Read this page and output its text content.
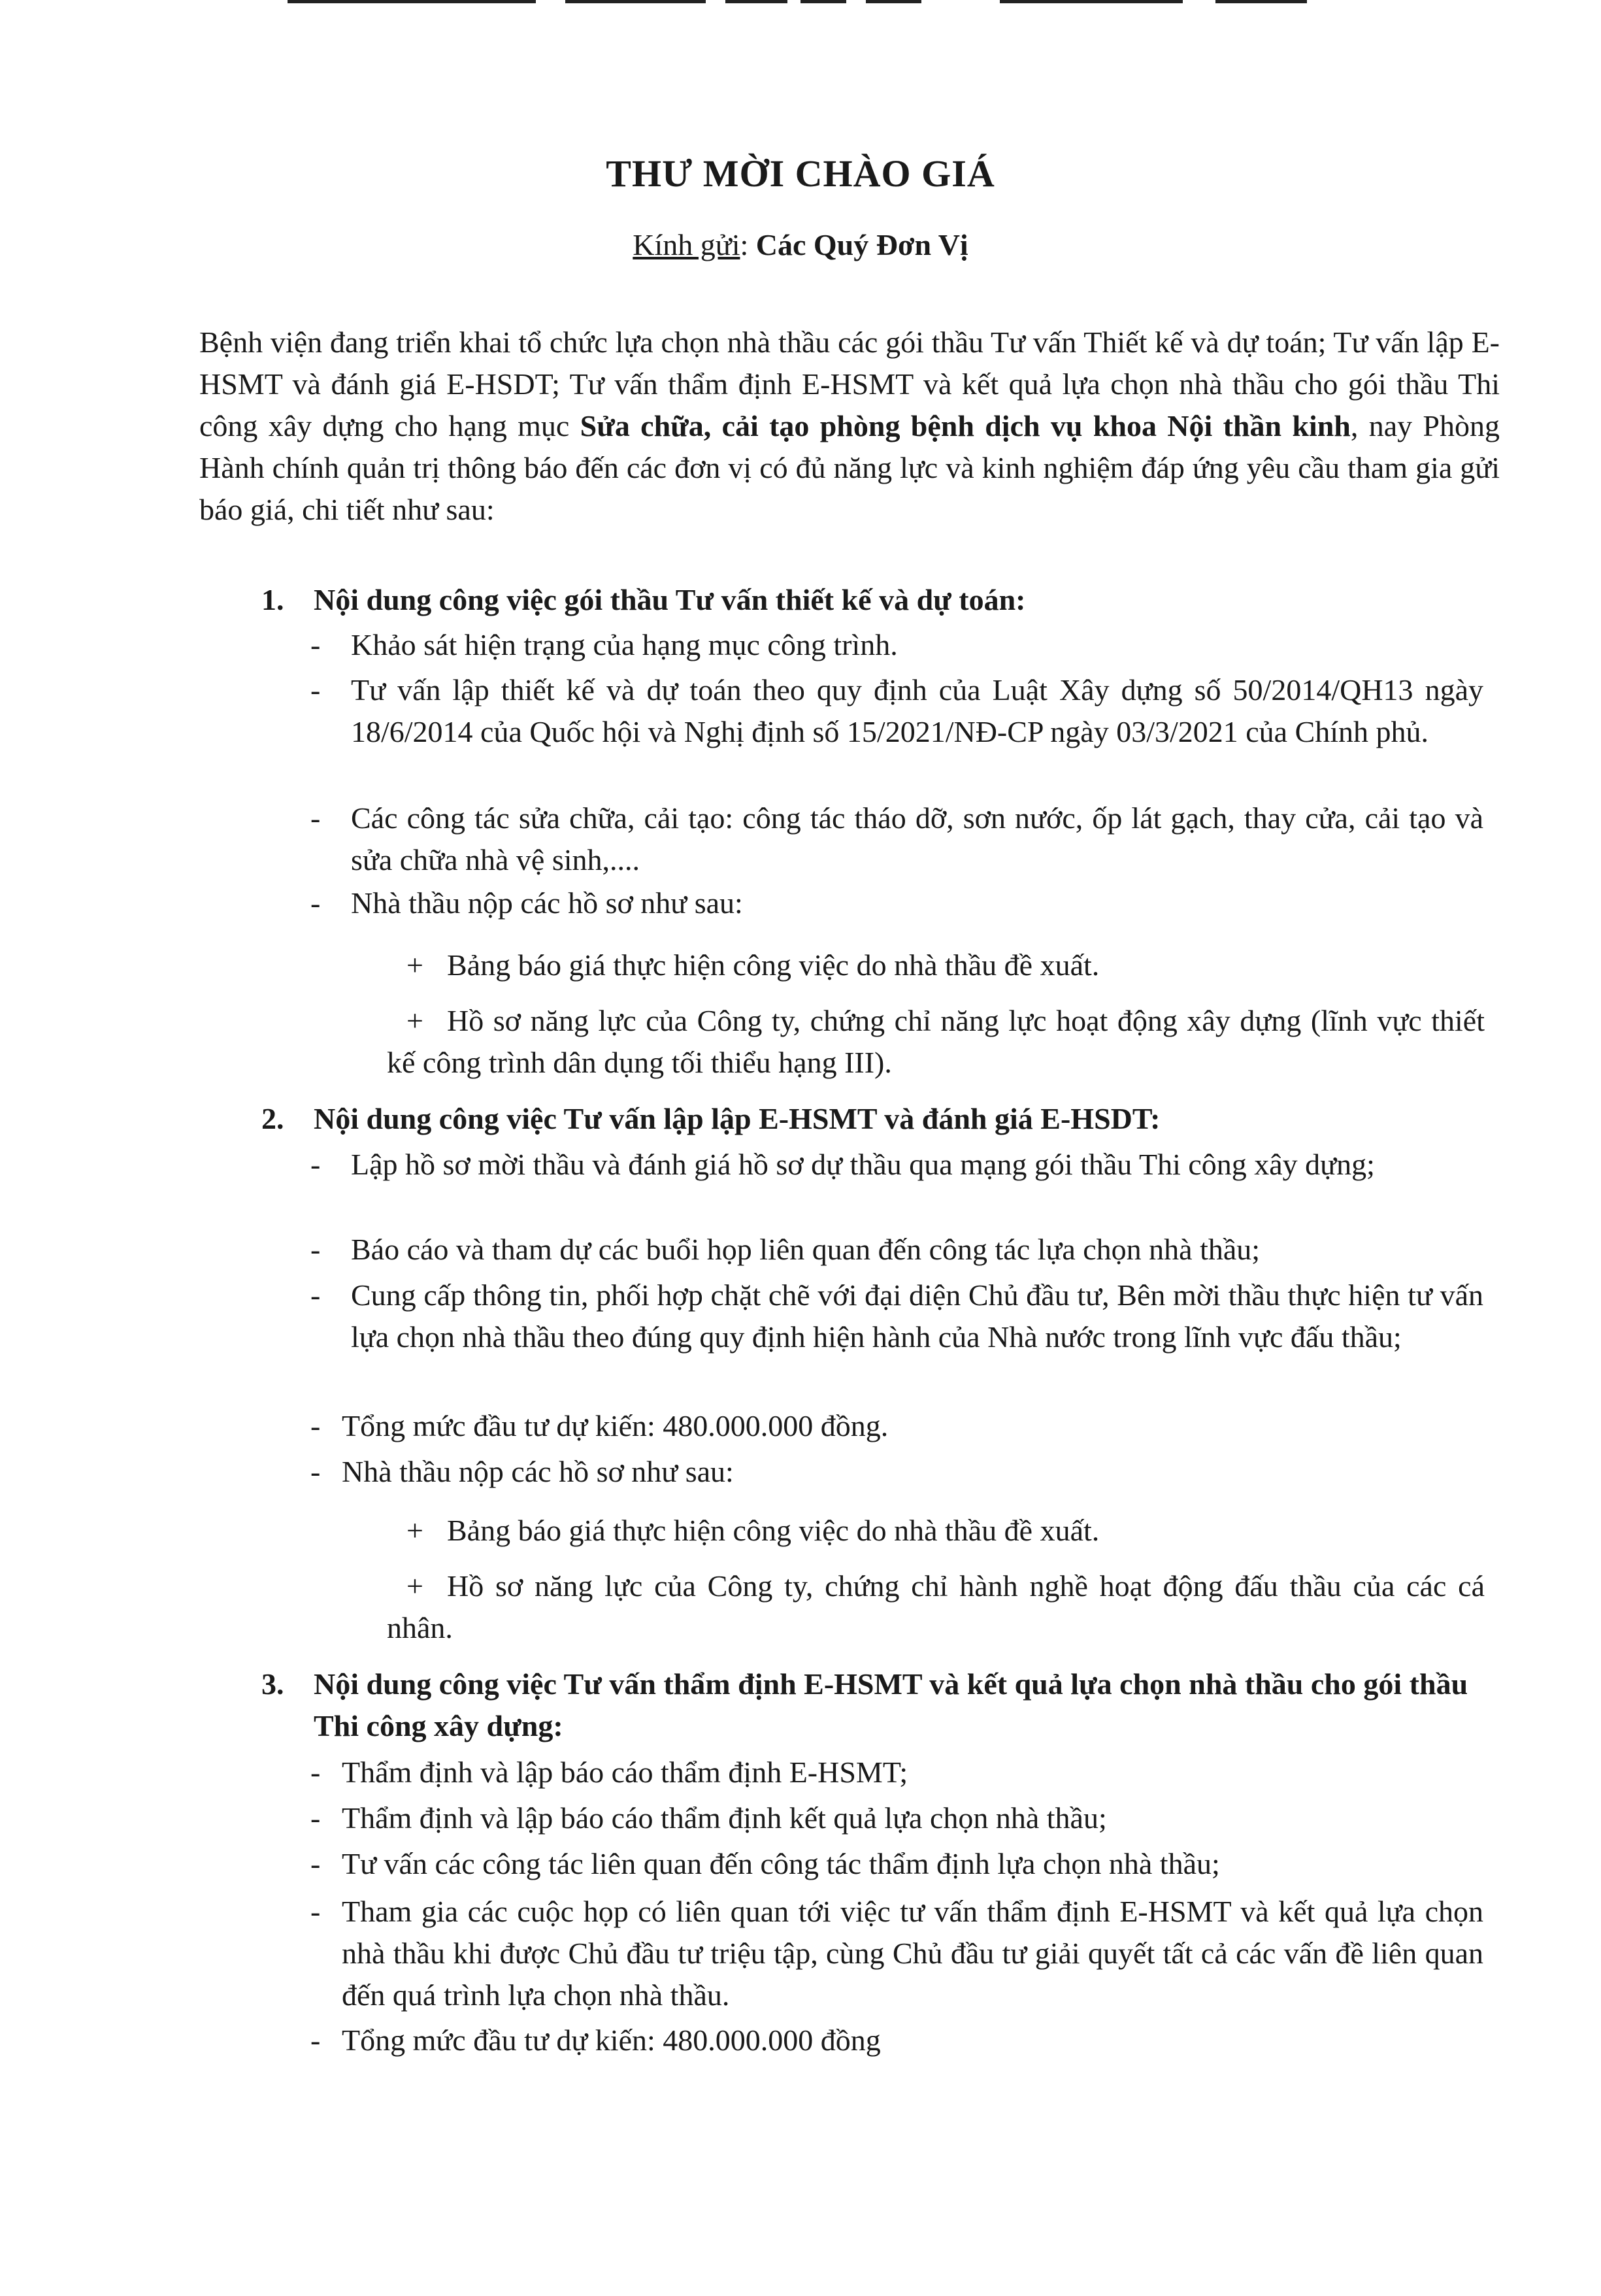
THƯ MỜI CHÀO GIÁ
Kính gửi: Các Quý Đơn Vị
Bệnh viện đang triển khai tổ chức lựa chọn nhà thầu các gói thầu Tư vấn Thiết kế và dự toán; Tư vấn lập E-HSMT và đánh giá E-HSDT; Tư vấn thẩm định E-HSMT và kết quả lựa chọn nhà thầu cho gói thầu Thi công xây dựng cho hạng mục Sửa chữa, cải tạo phòng bệnh dịch vụ khoa Nội thần kinh, nay Phòng Hành chính quản trị thông báo đến các đơn vị có đủ năng lực và kinh nghiệm đáp ứng yêu cầu tham gia gửi báo giá, chi tiết như sau:
1. Nội dung công việc gói thầu Tư vấn thiết kế và dự toán:
- Khảo sát hiện trạng của hạng mục công trình.
- Tư vấn lập thiết kế và dự toán theo quy định của Luật Xây dựng số 50/2014/QH13 ngày 18/6/2014 của Quốc hội và Nghị định số 15/2021/NĐ-CP ngày 03/3/2021 của Chính phủ.
- Các công tác sửa chữa, cải tạo: công tác tháo dỡ, sơn nước, ốp lát gạch, thay cửa, cải tạo và sửa chữa nhà vệ sinh,....
- Nhà thầu nộp các hồ sơ như sau:
+ Bảng báo giá thực hiện công việc do nhà thầu đề xuất.
+ Hồ sơ năng lực của Công ty, chứng chỉ năng lực hoạt động xây dựng (lĩnh vực thiết kế công trình dân dụng tối thiểu hạng III).
2. Nội dung công việc Tư vấn lập lập E-HSMT và đánh giá E-HSDT:
- Lập hồ sơ mời thầu và đánh giá hồ sơ dự thầu qua mạng gói thầu Thi công xây dựng;
- Báo cáo và tham dự các buổi họp liên quan đến công tác lựa chọn nhà thầu;
- Cung cấp thông tin, phối hợp chặt chẽ với đại diện Chủ đầu tư, Bên mời thầu thực hiện tư vấn lựa chọn nhà thầu theo đúng quy định hiện hành của Nhà nước trong lĩnh vực đấu thầu;
- Tổng mức đầu tư dự kiến: 480.000.000 đồng.
- Nhà thầu nộp các hồ sơ như sau:
+ Bảng báo giá thực hiện công việc do nhà thầu đề xuất.
+ Hồ sơ năng lực của Công ty, chứng chỉ hành nghề hoạt động đấu thầu của các cá nhân.
3. Nội dung công việc Tư vấn thẩm định E-HSMT và kết quả lựa chọn nhà thầu cho gói thầu Thi công xây dựng:
- Thẩm định và lập báo cáo thẩm định E-HSMT;
- Thẩm định và lập báo cáo thẩm định kết quả lựa chọn nhà thầu;
- Tư vấn các công tác liên quan đến công tác thẩm định lựa chọn nhà thầu;
- Tham gia các cuộc họp có liên quan tới việc tư vấn thẩm định E-HSMT và kết quả lựa chọn nhà thầu khi được Chủ đầu tư triệu tập, cùng Chủ đầu tư giải quyết tất cả các vấn đề liên quan đến quá trình lựa chọn nhà thầu.
- Tổng mức đầu tư dự kiến: 480.000.000 đồng
